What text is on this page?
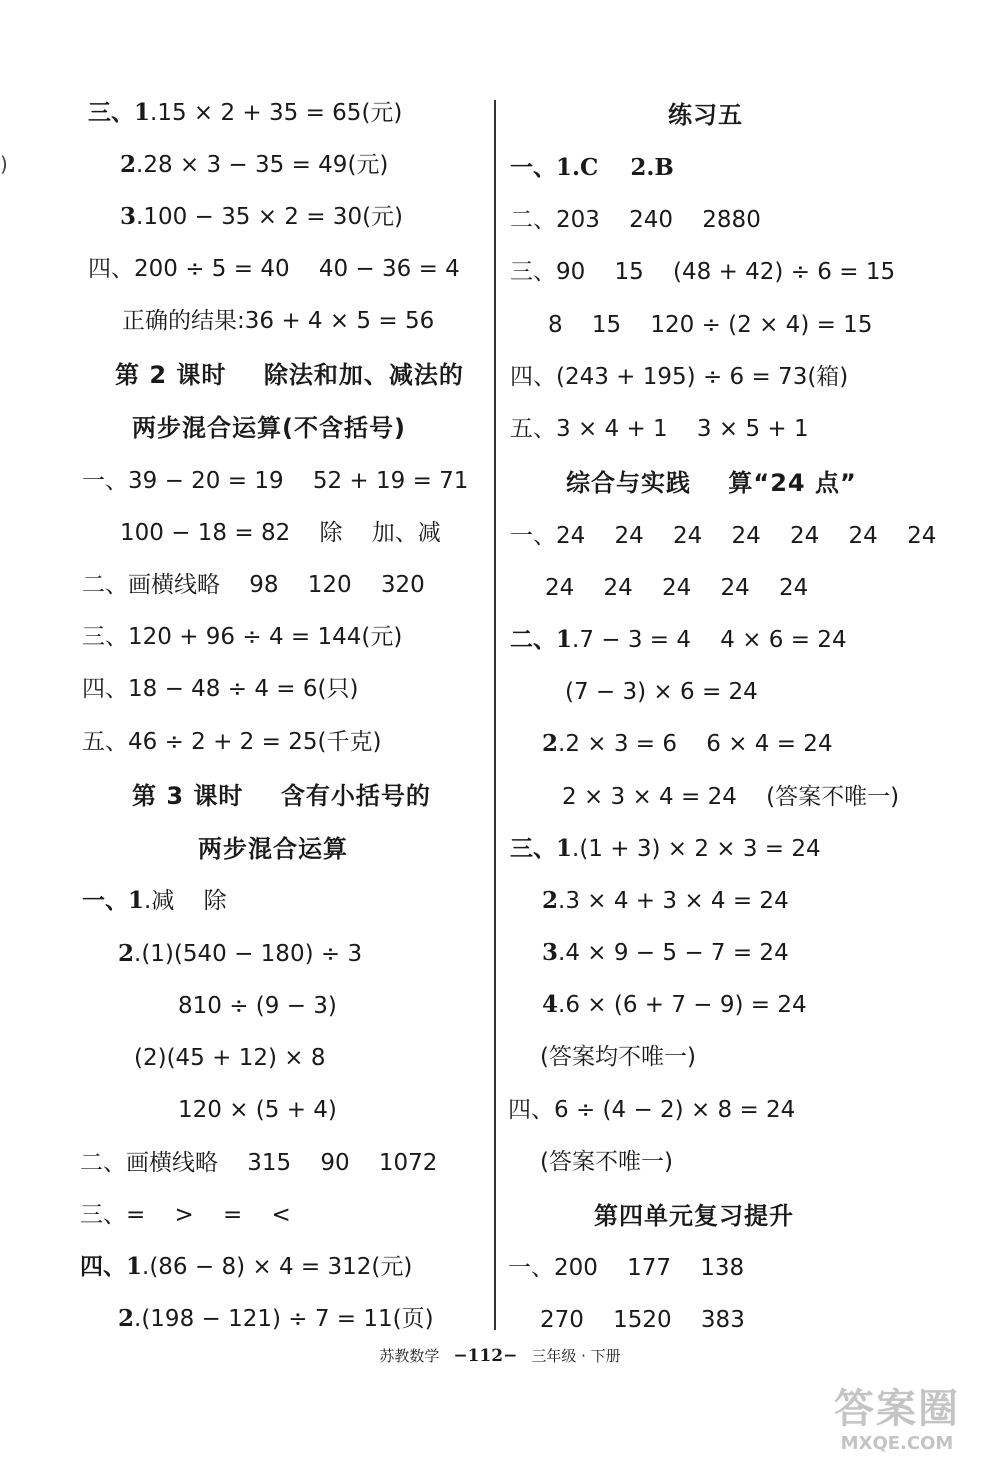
)
三、1.15 × 2 + 35 = 65(元)
2.28 × 3 − 35 = 49(元)
3.100 − 35 × 2 = 30(元)
四、200 ÷ 5 = 40    40 − 36 = 4
正确的结果:36 + 4 × 5 = 56
第 2 课时    除法和加、减法的
两步混合运算(不含括号)
一、39 − 20 = 19    52 + 19 = 71
100 − 18 = 82    除    加、减
二、画横线略    98    120    320
三、120 + 96 ÷ 4 = 144(元)
四、18 − 48 ÷ 4 = 6(只)
五、46 ÷ 2 + 2 = 25(千克)
第 3 课时    含有小括号的
两步混合运算
一、1.减    除
2.(1)(540 − 180) ÷ 3
810 ÷ (9 − 3)
(2)(45 + 12) × 8
120 × (5 + 4)
二、画横线略    315    90    1072
三、=    >    =    <
四、1.(86 − 8) × 4 = 312(元)
2.(198 − 121) ÷ 7 = 11(页)
练习五
一、1.C    2.B
二、203    240    2880
三、90    15    (48 + 42) ÷ 6 = 15
8    15    120 ÷ (2 × 4) = 15
四、(243 + 195) ÷ 6 = 73(箱)
五、3 × 4 + 1    3 × 5 + 1
综合与实践    算“24 点”
一、24    24    24    24    24    24    24
24    24    24    24    24
二、1.7 − 3 = 4    4 × 6 = 24
(7 − 3) × 6 = 24
2.2 × 3 = 6    6 × 4 = 24
2 × 3 × 4 = 24    (答案不唯一)
三、1.(1 + 3) × 2 × 3 = 24
2.3 × 4 + 3 × 4 = 24
3.4 × 9 − 5 − 7 = 24
4.6 × (6 + 7 − 9) = 24
(答案均不唯一)
四、6 ÷ (4 − 2) × 8 = 24
(答案不唯一)
第四单元复习提升
一、200    177    138
270    1520    383
苏教数学 −112− 三年级 · 下册
答案圈
MXQE.COM
